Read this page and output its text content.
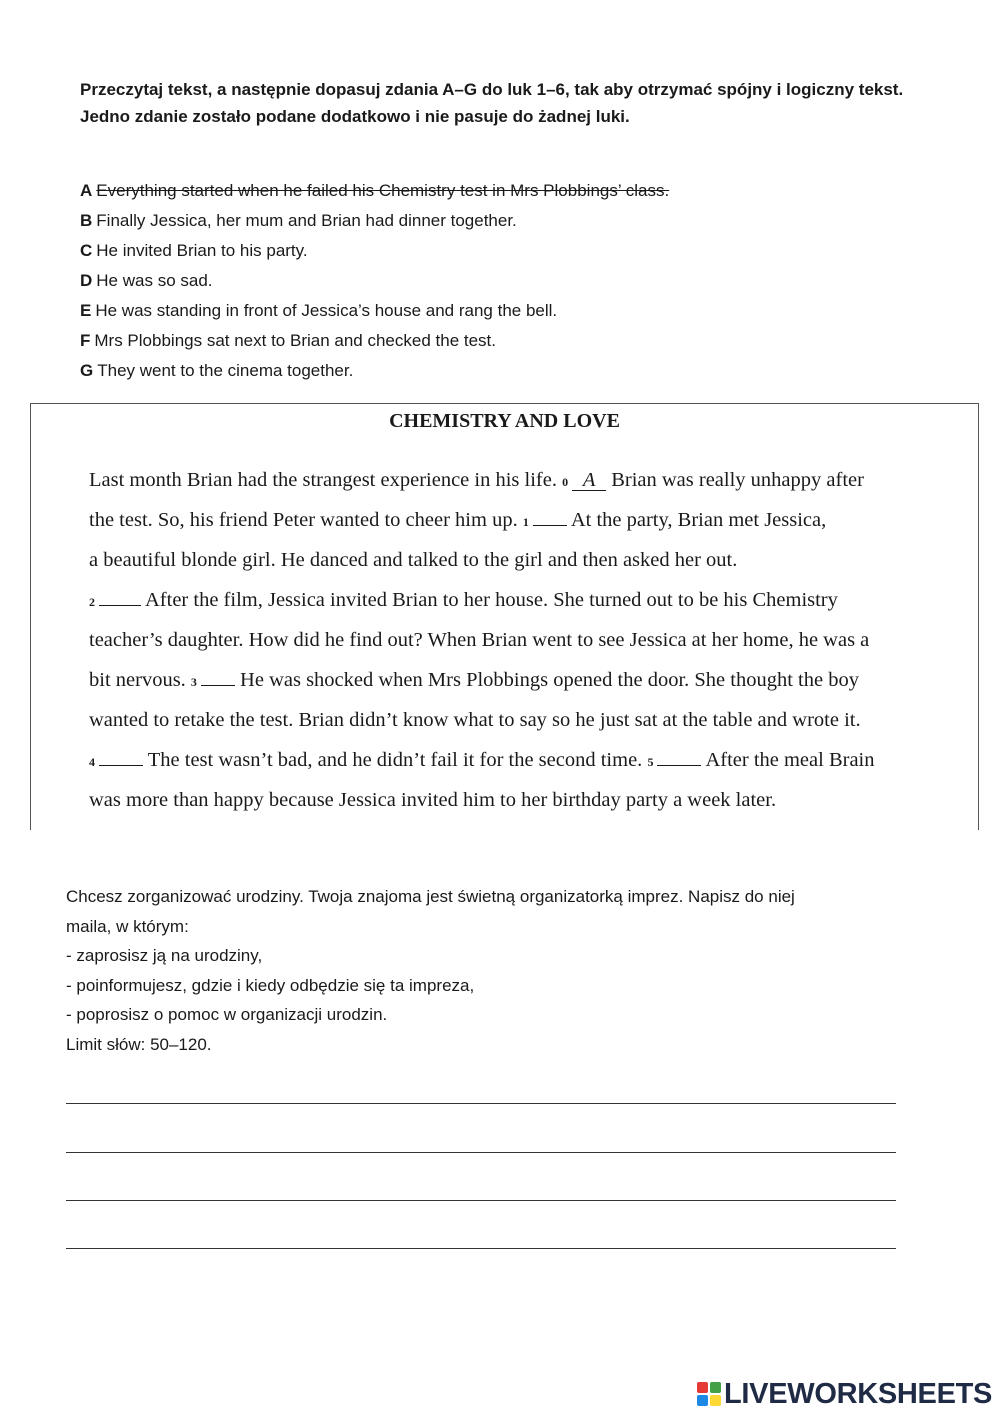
Przeczytaj tekst, a następnie dopasuj zdania A–G do luk 1–6, tak aby otrzymać spójny i logiczny tekst. Jedno zdanie zostało podane dodatkowo i nie pasuje do żadnej luki.

A Everything started when he failed his Chemistry test in Mrs Plobbings’ class.
B Finally Jessica, her mum and Brian had dinner together.
C He invited Brian to his party.
D He was so sad.
E He was standing in front of Jessica’s house and rang the bell.
F Mrs Plobbings sat next to Brian and checked the test.
G They went to the cinema together.
CHEMISTRY AND LOVE
Last month Brian had the strangest experience in his life. 0 A Brian was really unhappy after
the test. So, his friend Peter wanted to cheer him up. 1 At the party, Brian met Jessica,
a beautiful blonde girl. He danced and talked to the girl and then asked her out.
2 After the film, Jessica invited Brian to her house. She turned out to be his Chemistry
teacher’s daughter. How did he find out? When Brian went to see Jessica at her home, he was a
bit nervous. 3 He was shocked when Mrs Plobbings opened the door. She thought the boy
wanted to retake the test. Brian didn’t know what to say so he just sat at the table and wrote it.
4	The test wasn’t bad, and he didn’t fail it for the second time. 5	After the meal Brain
was more than happy because Jessica invited him to her birthday party a week later.
Chcesz zorganizować urodziny. Twoja znajoma jest świetną organizatorką imprez. Napisz do niej
maila, w którym:
- zaprosisz ją na urodziny,
- poinformujesz, gdzie i kiedy odbędzie się ta impreza,
- poprosisz o pomoc w organizacji urodzin.
Limit słów: 50–120.
LIVEWORKSHEETS
